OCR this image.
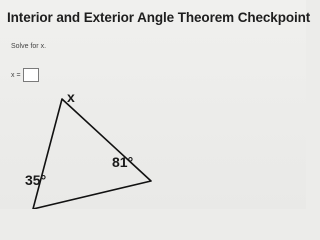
Interior and Exterior Angle Theorem Checkpoint
Solve for x.
x =
x
81°
35°
